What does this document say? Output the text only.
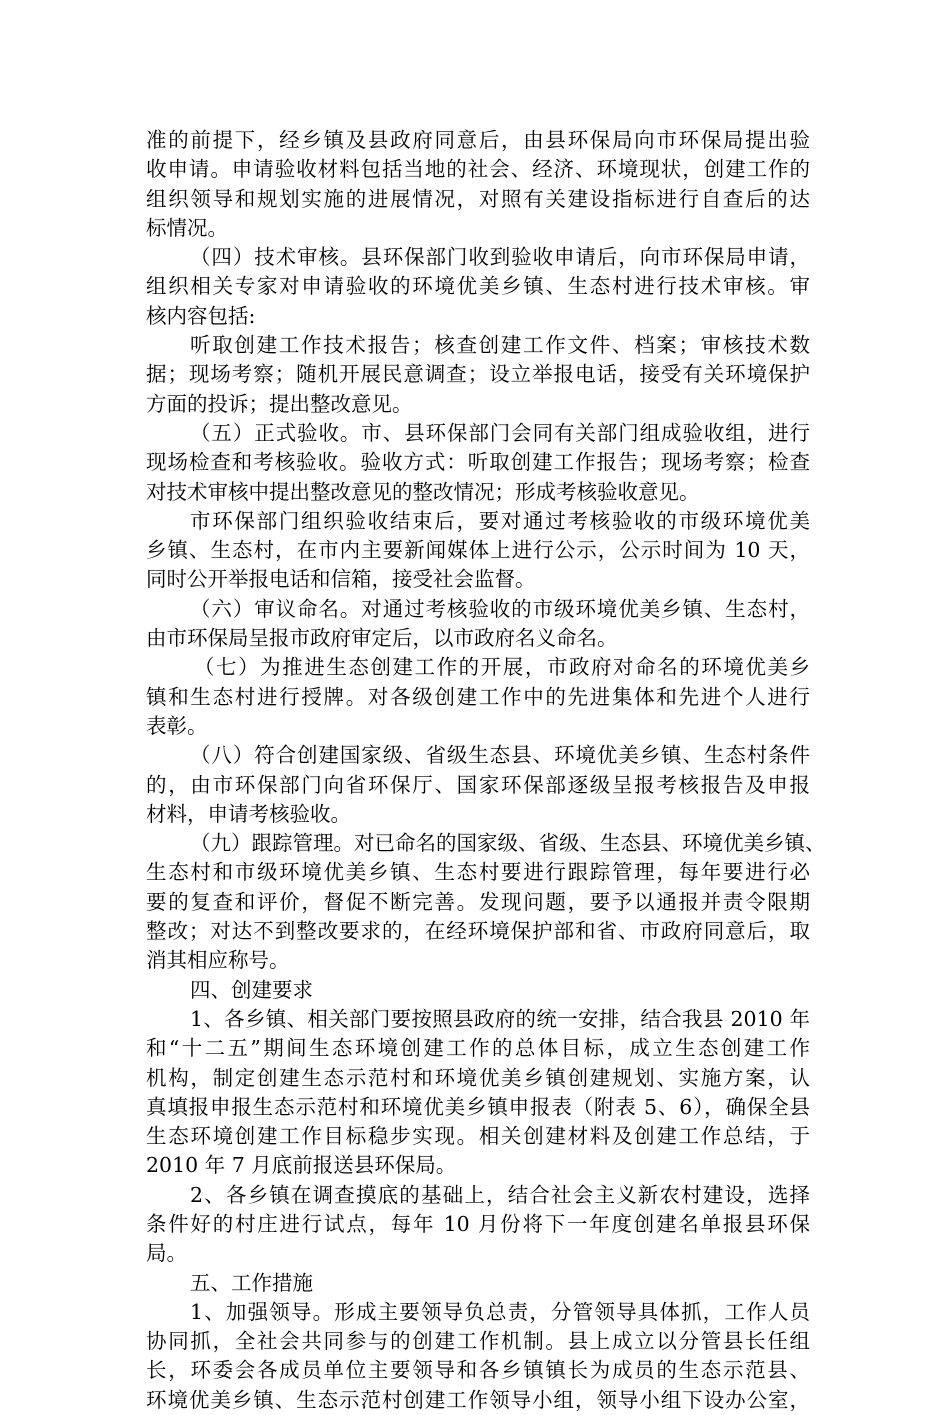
准的前提下，经乡镇及县政府同意后，由县环保局向市环保局提出验
收申请。申请验收材料包括当地的社会、经济、环境现状，创建工作的
组织领导和规划实施的进展情况，对照有关建设指标进行自查后的达
标情况。
（四）技术审核。县环保部门收到验收申请后，向市环保局申请，
组织相关专家对申请验收的环境优美乡镇、生态村进行技术审核。审
核内容包括:
听取创建工作技术报告；核查创建工作文件、档案；审核技术数
据；现场考察；随机开展民意调查；设立举报电话，接受有关环境保护
方面的投诉；提出整改意见。
（五）正式验收。市、县环保部门会同有关部门组成验收组，进行
现场检查和考核验收。验收方式：听取创建工作报告；现场考察；检查
对技术审核中提出整改意见的整改情况；形成考核验收意见。
市环保部门组织验收结束后，要对通过考核验收的市级环境优美
乡镇、生态村，在市内主要新闻媒体上进行公示，公示时间为 10 天，
同时公开举报电话和信箱，接受社会监督。
（六）审议命名。对通过考核验收的市级环境优美乡镇、生态村，
由市环保局呈报市政府审定后，以市政府名义命名。
（七）为推进生态创建工作的开展，市政府对命名的环境优美乡
镇和生态村进行授牌。对各级创建工作中的先进集体和先进个人进行
表彰。
（八）符合创建国家级、省级生态县、环境优美乡镇、生态村条件
的，由市环保部门向省环保厅、国家环保部逐级呈报考核报告及申报
材料，申请考核验收。
（九）跟踪管理。对已命名的国家级、省级、生态县、环境优美乡镇、
生态村和市级环境优美乡镇、生态村要进行跟踪管理，每年要进行必
要的复查和评价，督促不断完善。发现问题，要予以通报并责令限期
整改；对达不到整改要求的，在经环境保护部和省、市政府同意后，取
消其相应称号。
四、创建要求
1、各乡镇、相关部门要按照县政府的统一安排，结合我县 2010 年
和“十二五”期间生态环境创建工作的总体目标，成立生态创建工作
机构，制定创建生态示范村和环境优美乡镇创建规划、实施方案，认
真填报申报生态示范村和环境优美乡镇申报表（附表 5、6），确保全县
生态环境创建工作目标稳步实现。相关创建材料及创建工作总结，于
2010 年 7 月底前报送县环保局。
2、各乡镇在调查摸底的基础上，结合社会主义新农村建设，选择
条件好的村庄进行试点，每年 10 月份将下一年度创建名单报县环保
局。
五、工作措施
1、加强领导。形成主要领导负总责，分管领导具体抓，工作人员
协同抓，全社会共同参与的创建工作机制。县上成立以分管县长任组
长，环委会各成员单位主要领导和各乡镇镇长为成员的生态示范县、
环境优美乡镇、生态示范村创建工作领导小组，领导小组下设办公室，
